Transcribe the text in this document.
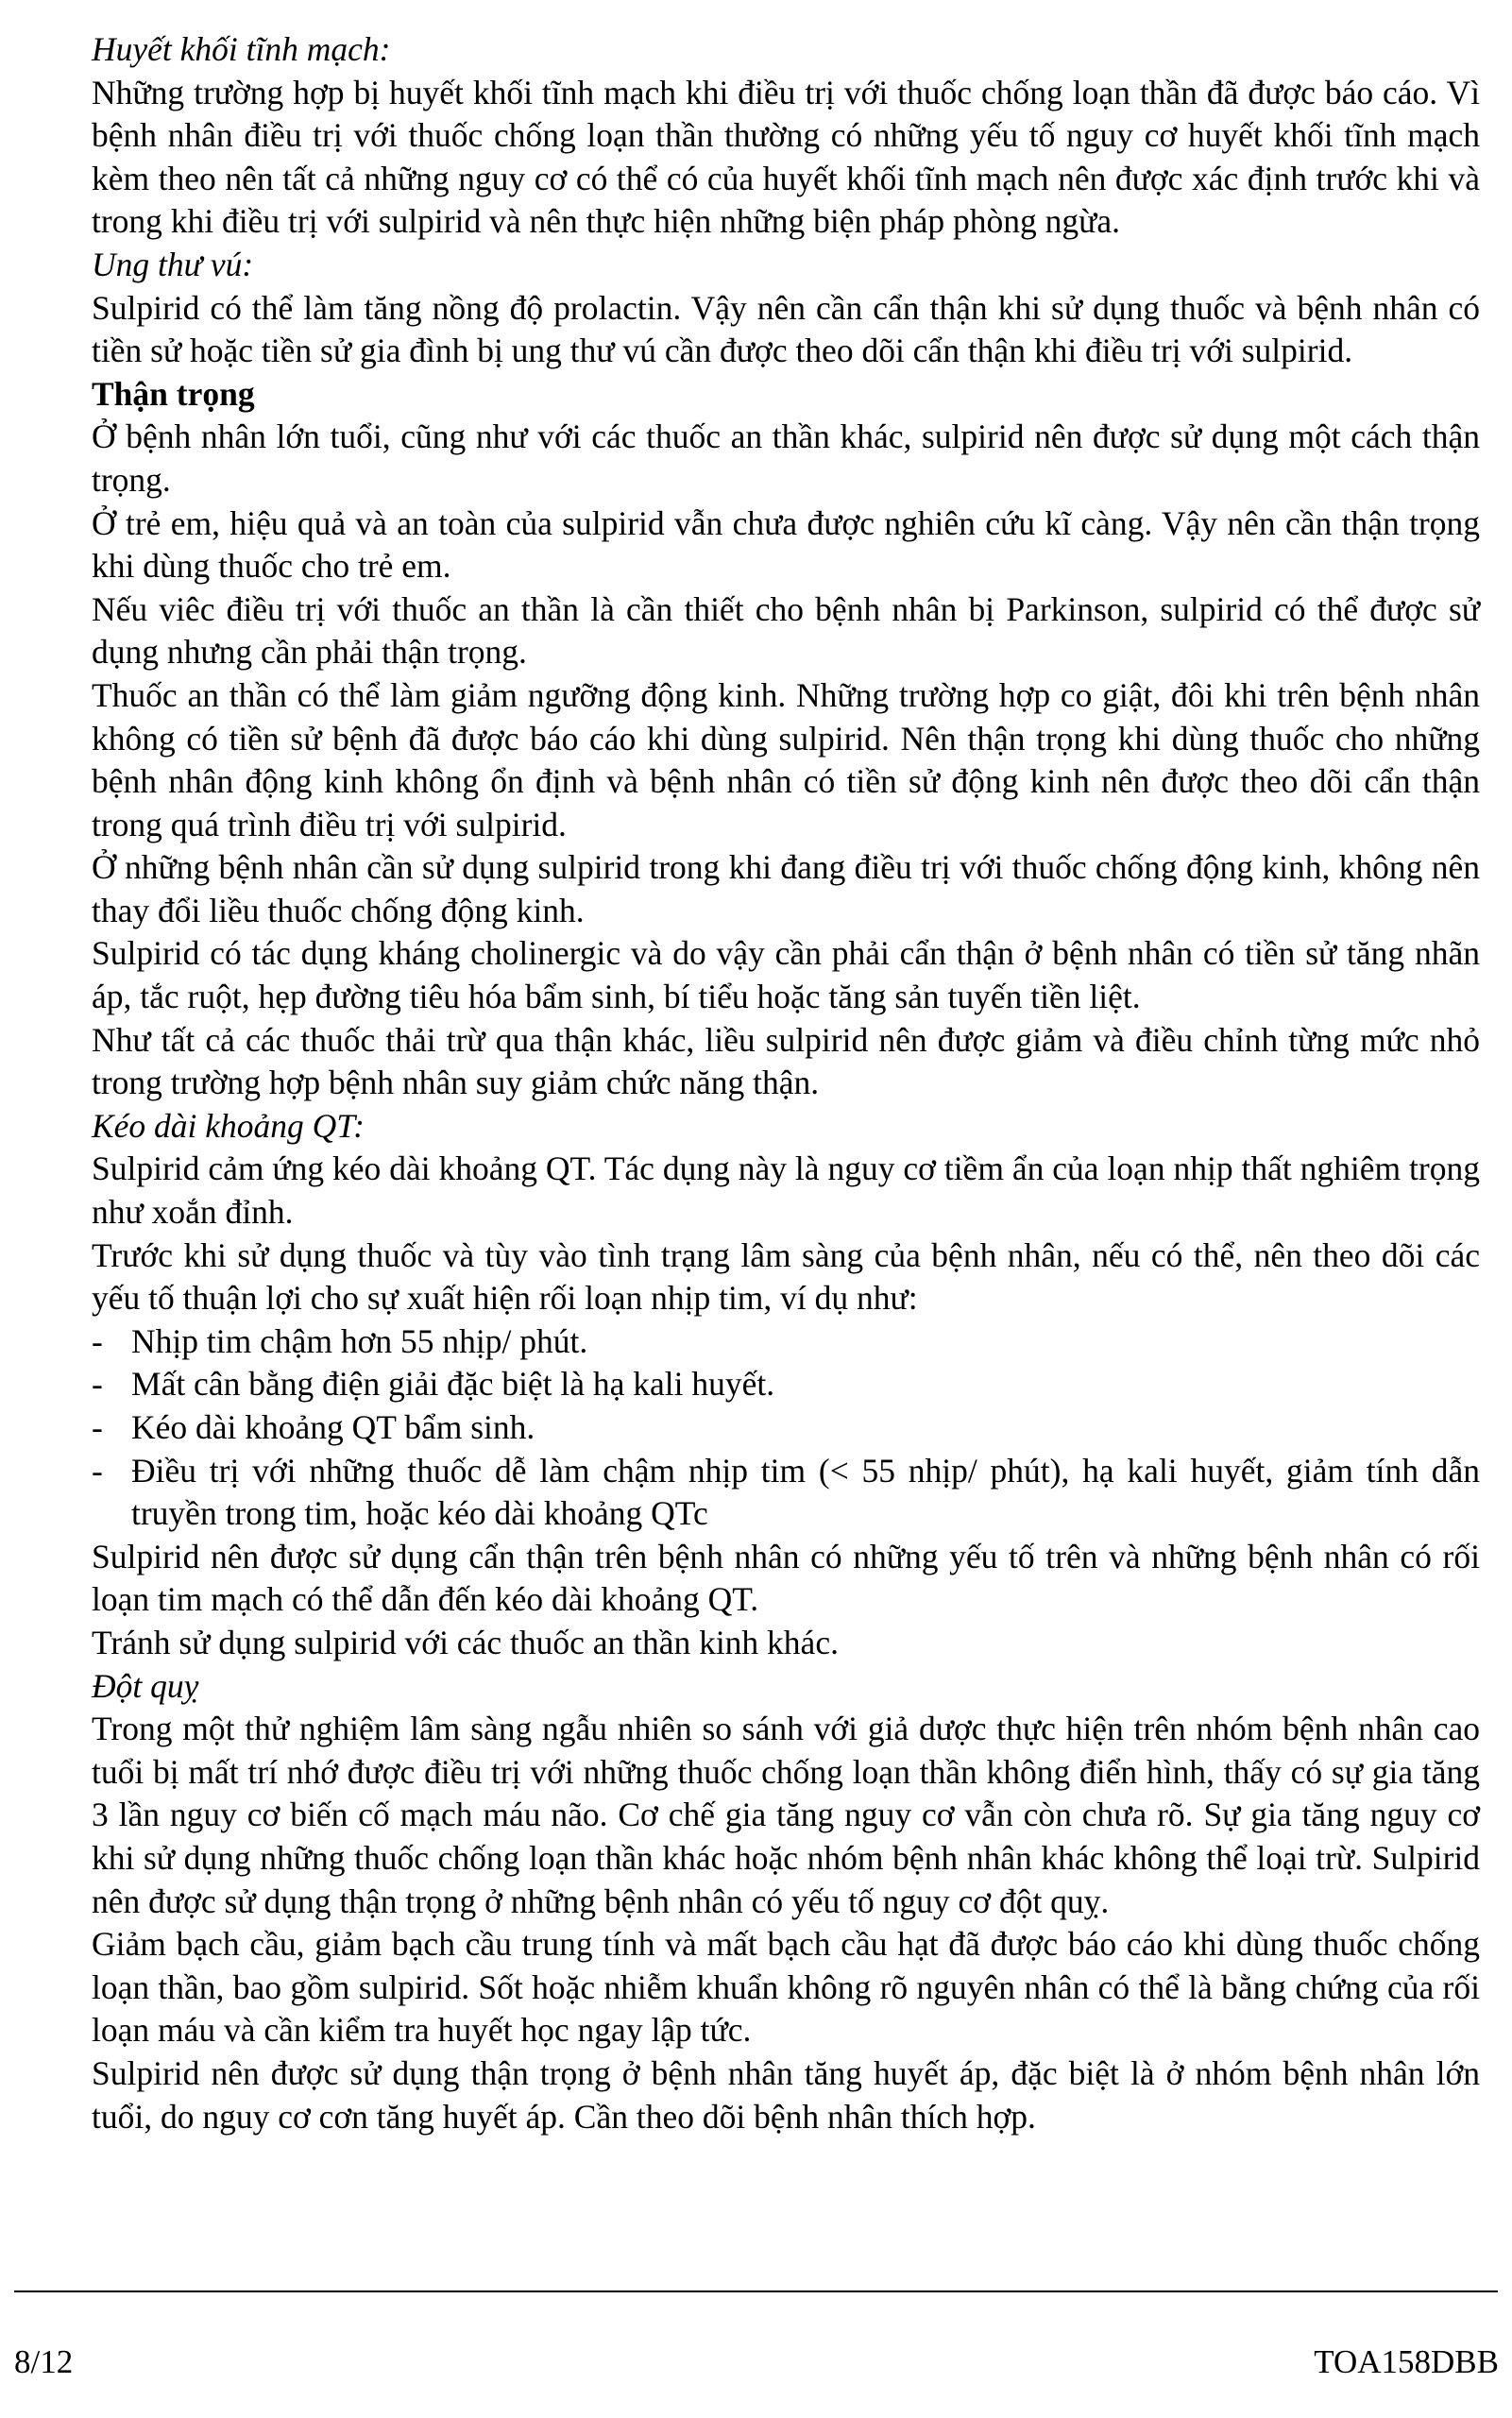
Huyết khối tĩnh mạch:

Những trường hợp bị huyết khối tĩnh mạch khi điều trị với thuốc chống loạn thần đã được báo cáo. Vì bệnh nhân điều trị với thuốc chống loạn thần thường có những yếu tố nguy cơ huyết khối tĩnh mạch kèm theo nên tất cả những nguy cơ có thể có của huyết khối tĩnh mạch nên được xác định trước khi và trong khi điều trị với sulpirid và nên thực hiện những biện pháp phòng ngừa.

Ung thư vú:

Sulpirid có thể làm tăng nồng độ prolactin. Vậy nên cần cẩn thận khi sử dụng thuốc và bệnh nhân có tiền sử hoặc tiền sử gia đình bị ung thư vú cần được theo dõi cẩn thận khi điều trị với sulpirid.

Thận trọng

Ở bệnh nhân lớn tuổi, cũng như với các thuốc an thần khác, sulpirid nên được sử dụng một cách thận trọng.

Ở trẻ em, hiệu quả và an toàn của sulpirid vẫn chưa được nghiên cứu kĩ càng. Vậy nên cần thận trọng khi dùng thuốc cho trẻ em.

Nếu viêc điều trị với thuốc an thần là cần thiết cho bệnh nhân bị Parkinson, sulpirid có thể được sử dụng nhưng cần phải thận trọng.

Thuốc an thần có thể làm giảm ngưỡng động kinh. Những trường hợp co giật, đôi khi trên bệnh nhân không có tiền sử bệnh đã được báo cáo khi dùng sulpirid. Nên thận trọng khi dùng thuốc cho những bệnh nhân động kinh không ổn định và bệnh nhân có tiền sử động kinh nên được theo dõi cẩn thận trong quá trình điều trị với sulpirid.

Ở những bệnh nhân cần sử dụng sulpirid trong khi đang điều trị với thuốc chống động kinh, không nên thay đổi liều thuốc chống động kinh.

Sulpirid có tác dụng kháng cholinergic và do vậy cần phải cẩn thận ở bệnh nhân có tiền sử tăng nhãn áp, tắc ruột, hẹp đường tiêu hóa bẩm sinh, bí tiểu hoặc tăng sản tuyến tiền liệt.

Như tất cả các thuốc thải trừ qua thận khác, liều sulpirid nên được giảm và điều chỉnh từng mức nhỏ trong trường hợp bệnh nhân suy giảm chức năng thận.

Kéo dài khoảng QT:

Sulpirid cảm ứng kéo dài khoảng QT. Tác dụng này là nguy cơ tiềm ẩn của loạn nhịp thất nghiêm trọng như xoắn đỉnh.

Trước khi sử dụng thuốc và tùy vào tình trạng lâm sàng của bệnh nhân, nếu có thể, nên theo dõi các yếu tố thuận lợi cho sự xuất hiện rối loạn nhịp tim, ví dụ như:

- Nhịp tim chậm hơn 55 nhịp/ phút.

- Mất cân bằng điện giải đặc biệt là hạ kali huyết.

- Kéo dài khoảng QT bẩm sinh.

- Điều trị với những thuốc dễ làm chậm nhịp tim (< 55 nhịp/ phút), hạ kali huyết, giảm tính dẫn truyền trong tim, hoặc kéo dài khoảng QTc

Sulpirid nên được sử dụng cẩn thận trên bệnh nhân có những yếu tố trên và những bệnh nhân có rối loạn tim mạch có thể dẫn đến kéo dài khoảng QT.

Tránh sử dụng sulpirid với các thuốc an thần kinh khác.

Đột quỵ

Trong một thử nghiệm lâm sàng ngẫu nhiên so sánh với giả dược thực hiện trên nhóm bệnh nhân cao tuổi bị mất trí nhớ được điều trị với những thuốc chống loạn thần không điển hình, thấy có sự gia tăng 3 lần nguy cơ biến cố mạch máu não. Cơ chế gia tăng nguy cơ vẫn còn chưa rõ. Sự gia tăng nguy cơ khi sử dụng những thuốc chống loạn thần khác hoặc nhóm bệnh nhân khác không thể loại trừ. Sulpirid nên được sử dụng thận trọng ở những bệnh nhân có yếu tố nguy cơ đột quỵ.

Giảm bạch cầu, giảm bạch cầu trung tính và mất bạch cầu hạt đã được báo cáo khi dùng thuốc chống loạn thần, bao gồm sulpirid. Sốt hoặc nhiễm khuẩn không rõ nguyên nhân có thể là bằng chứng của rối loạn máu và cần kiểm tra huyết học ngay lập tức.

Sulpirid nên được sử dụng thận trọng ở bệnh nhân tăng huyết áp, đặc biệt là ở nhóm bệnh nhân lớn tuổi, do nguy cơ cơn tăng huyết áp. Cần theo dõi bệnh nhân thích hợp.

8/12	TOA158DBB
